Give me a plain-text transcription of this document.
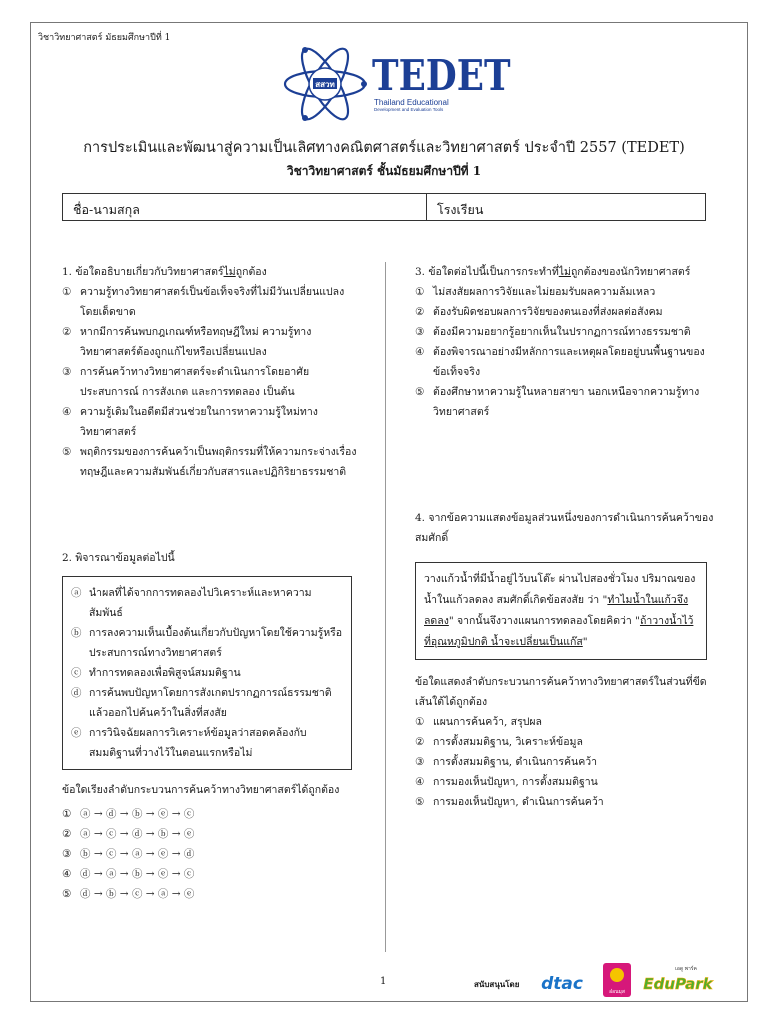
วิชาวิทยาศาสตร์ มัธยมศึกษาปีที่ 1
สสวท TEDET
Thailand Educational
Development and Evaluation Tools
การประเมินและพัฒนาสู่ความเป็นเลิศทางคณิตศาสตร์และวิทยาศาสตร์ ประจำปี 2557 (TEDET)
วิชาวิทยาศาสตร์ ชั้นมัธยมศึกษาปีที่ 1
ชื่อ-นามสกุล	โรงเรียน
1. ข้อใดอธิบายเกี่ยวกับวิทยาศาสตร์ไม่ถูกต้อง
① ความรู้ทางวิทยาศาสตร์เป็นข้อเท็จจริงที่ไม่มีวันเปลี่ยนแปลงโดยเด็ดขาด
② หากมีการค้นพบกฎเกณฑ์หรือทฤษฎีใหม่ ความรู้ทางวิทยาศาสตร์ต้องถูกแก้ไขหรือเปลี่ยนแปลง
③ การค้นคว้าทางวิทยาศาสตร์จะดำเนินการโดยอาศัยประสบการณ์ การสังเกต และการทดลอง เป็นต้น
④ ความรู้เดิมในอดีตมีส่วนช่วยในการหาความรู้ใหม่ทางวิทยาศาสตร์
⑤ พฤติกรรมของการค้นคว้าเป็นพฤติกรรมที่ให้ความกระจ่างเรื่องทฤษฎีและความสัมพันธ์เกี่ยวกับสสารและปฏิกิริยาธรรมชาติ
2. พิจารณาข้อมูลต่อไปนี้
ⓐ นำผลที่ได้จากการทดลองไปวิเคราะห์และหาความสัมพันธ์
ⓑ การลงความเห็นเบื้องต้นเกี่ยวกับปัญหาโดยใช้ความรู้หรือประสบการณ์ทางวิทยาศาสตร์
ⓒ ทำการทดลองเพื่อพิสูจน์สมมติฐาน
ⓓ การค้นพบปัญหาโดยการสังเกตปรากฏการณ์ธรรมชาติแล้วออกไปค้นคว้าในสิ่งที่สงสัย
ⓔ การวินิจฉัยผลการวิเคราะห์ข้อมูลว่าสอดคล้องกับสมมติฐานที่วางไว้ในตอนแรกหรือไม่
ข้อใดเรียงลำดับกระบวนการค้นคว้าทางวิทยาศาสตร์ได้ถูกต้อง
① ⓐ → ⓓ → ⓑ → ⓔ → ⓒ
② ⓐ → ⓒ → ⓓ → ⓑ → ⓔ
③ ⓑ → ⓒ → ⓐ → ⓔ → ⓓ
④ ⓓ → ⓐ → ⓑ → ⓔ → ⓒ
⑤ ⓓ → ⓑ → ⓒ → ⓐ → ⓔ
3. ข้อใดต่อไปนี้เป็นการกระทำที่ไม่ถูกต้องของนักวิทยาศาสตร์
① ไม่สงสัยผลการวิจัยและไม่ยอมรับผลความล้มเหลว
② ต้องรับผิดชอบผลการวิจัยของตนเองที่ส่งผลต่อสังคม
③ ต้องมีความอยากรู้อยากเห็นในปรากฏการณ์ทางธรรมชาติ
④ ต้องพิจารณาอย่างมีหลักการและเหตุผลโดยอยู่บนพื้นฐานของข้อเท็จจริง
⑤ ต้องศึกษาหาความรู้ในหลายสาขา นอกเหนือจากความรู้ทางวิทยาศาสตร์
4. จากข้อความแสดงข้อมูลส่วนหนึ่งของการดำเนินการค้นคว้าของสมศักดิ์
วางแก้วน้ำที่มีน้ำอยู่ไว้บนโต๊ะ ผ่านไปสองชั่วโมง ปริมาณของน้ำในแก้วลดลง สมศักดิ์เกิดข้อสงสัย ว่า "ทำไมน้ำในแก้วจึงลดลง" จากนั้นจึงวางแผนการทดลองโดยคิดว่า "ถ้าวางน้ำไว้ที่อุณหภูมิปกติ น้ำจะเปลี่ยนเป็นแก๊ส"
ข้อใดแสดงลำดับกระบวนการค้นคว้าทางวิทยาศาสตร์ในส่วนที่ขีดเส้นใต้ได้ถูกต้อง
① แผนการค้นคว้า, สรุปผล
② การตั้งสมมติฐาน, วิเคราะห์ข้อมูล
③ การตั้งสมมติฐาน, ดำเนินการค้นคว้า
④ การมองเห็นปัญหา, การตั้งสมมติฐาน
⑤ การมองเห็นปัญหา, ดำเนินการค้นคว้า
1	สนับสนุนโดย dtac	อ๋อนมุส
เอดู พาร์ค
EduPark
